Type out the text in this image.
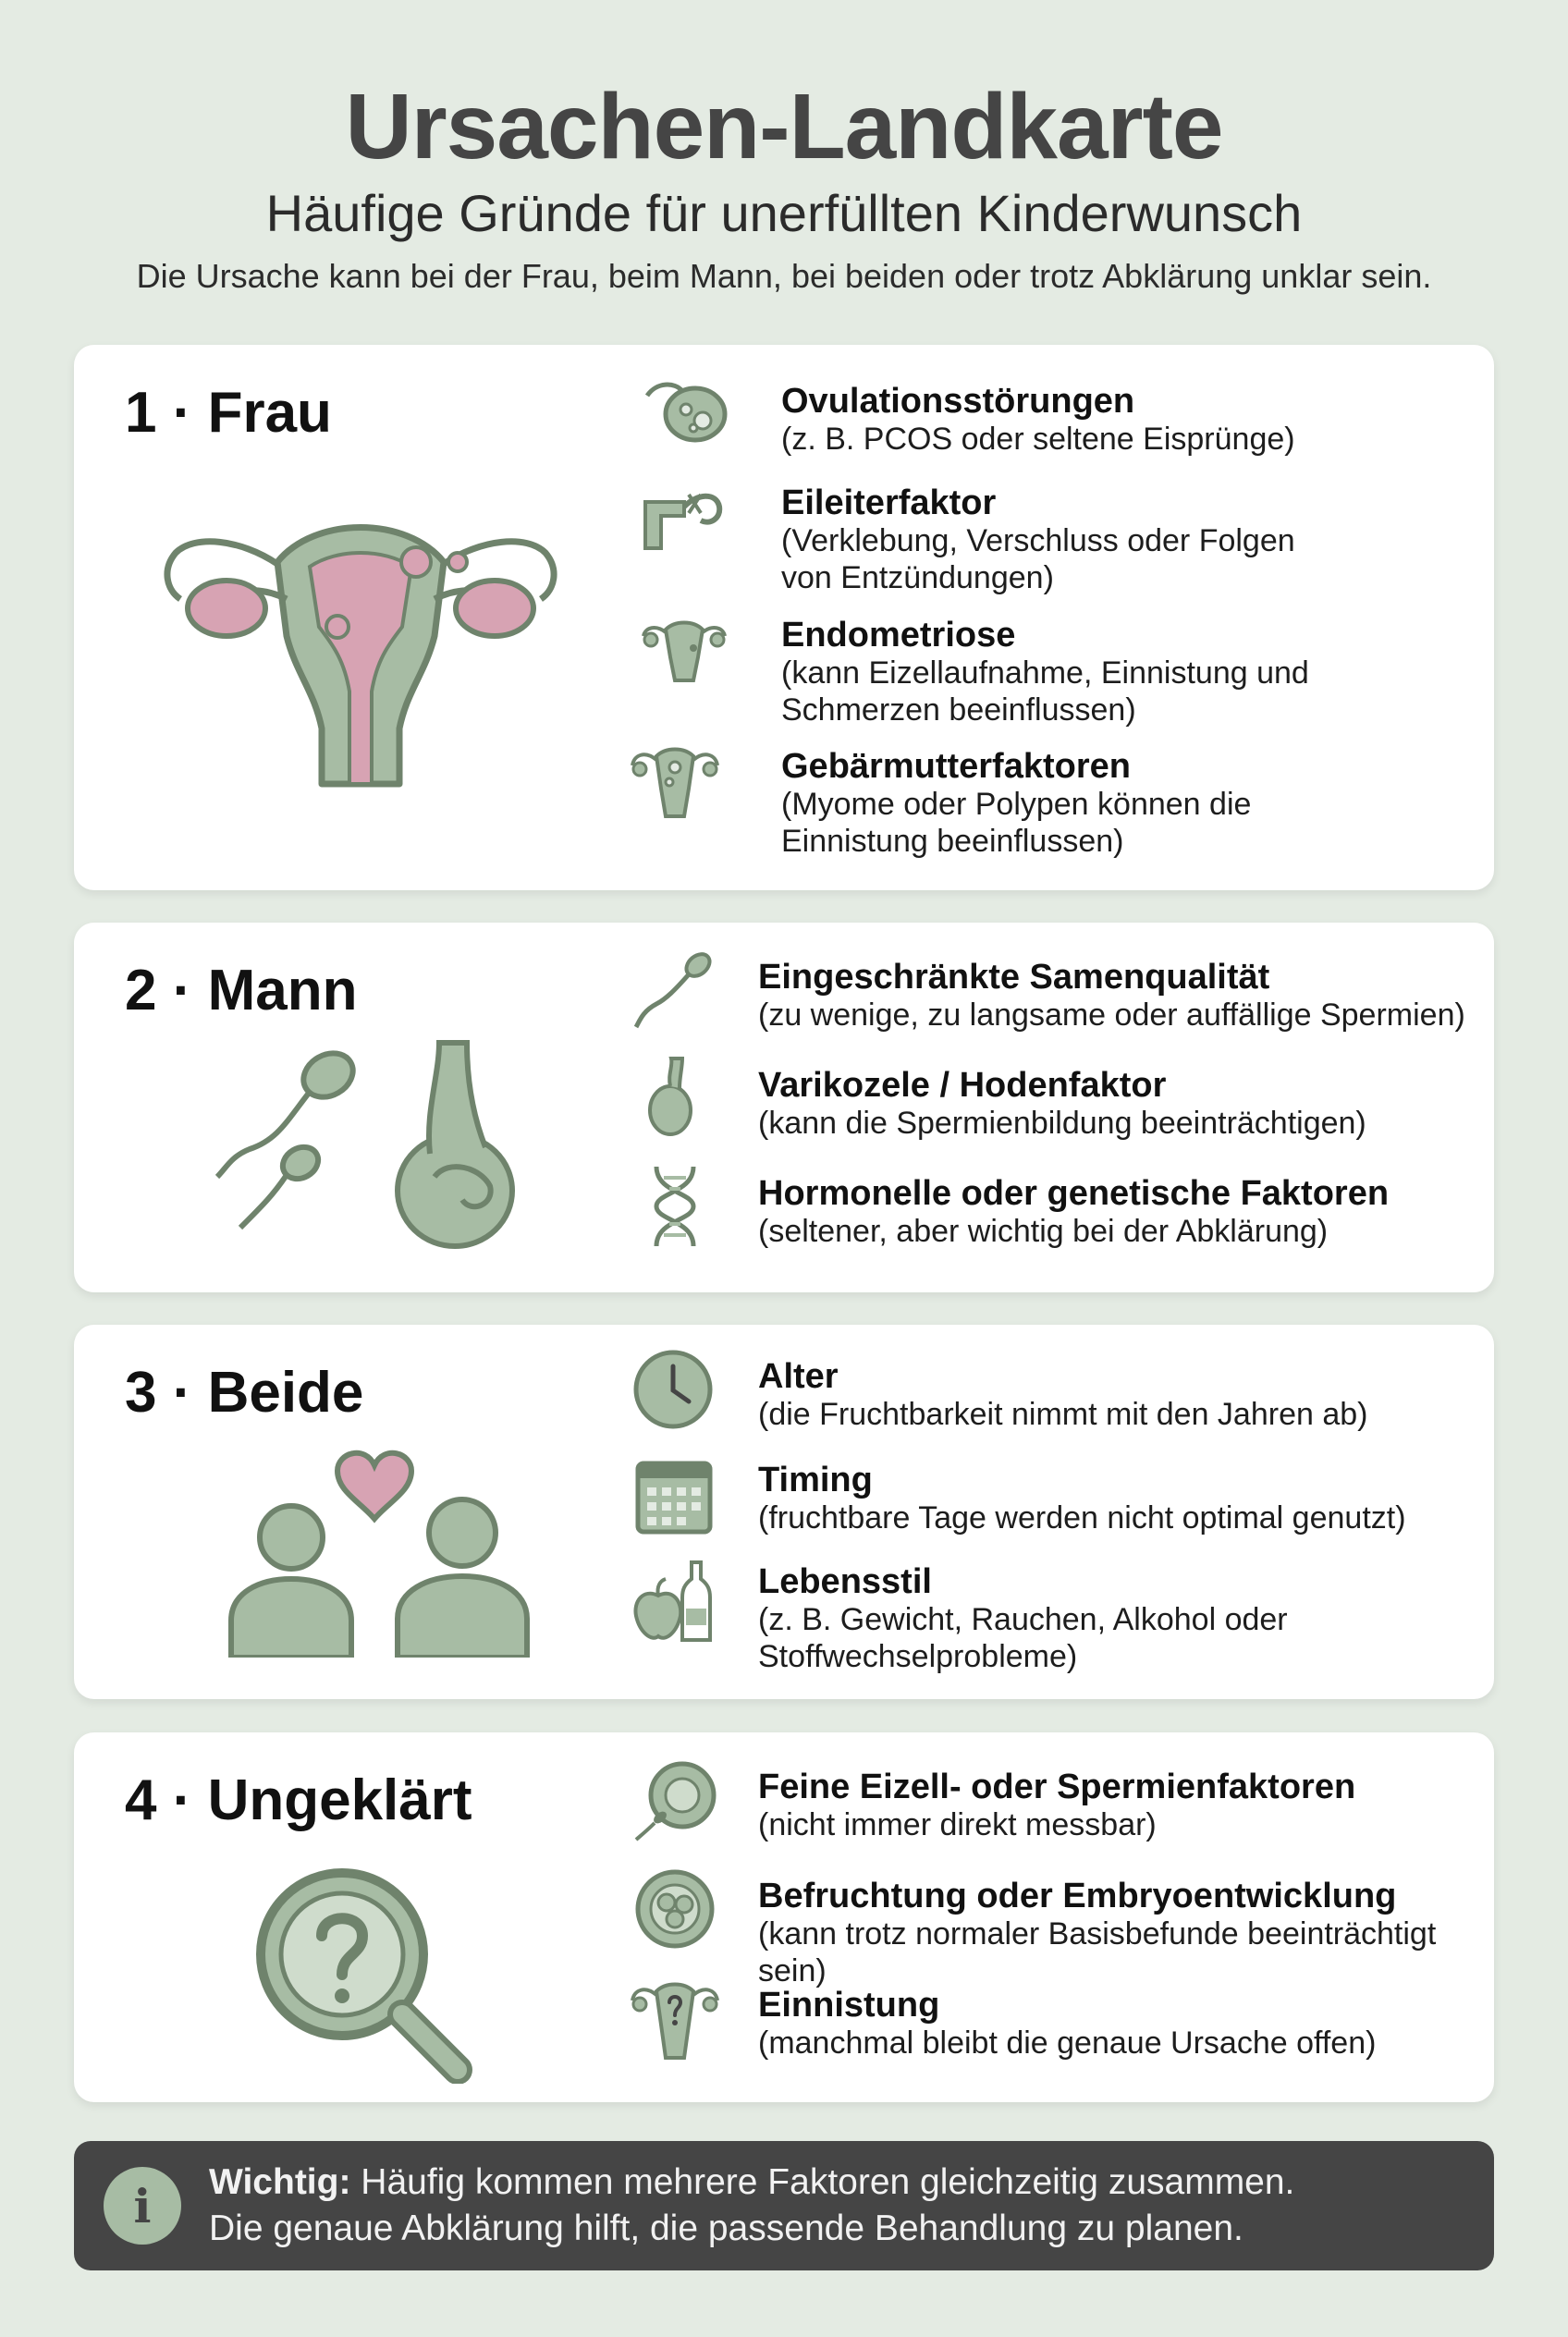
Ursachen-Landkarte
Häufige Gründe für unerfüllten Kinderwunsch
Die Ursache kann bei der Frau, beim Mann, bei beiden oder trotz Abklärung unklar sein.
1 · Frau	Ovulationsstörungen
(z. B. PCOS oder seltene Eisprünge)
Eileiterfaktor
(Verklebung, Verschluss oder Folgen
von Entzündungen)
Endometriose
(kann Eizellaufnahme, Einnistung und
Schmerzen beeinflussen)
Gebärmutterfaktoren
(Myome oder Polypen können die
Einnistung beeinflussen)
2 · Mann	Eingeschränkte Samenqualität
(zu wenige, zu langsame oder auffällige Spermien)
Varikozele / Hodenfaktor
(kann die Spermienbildung beeinträchtigen)
Hormonelle oder genetische Faktoren
(seltener, aber wichtig bei der Abklärung)
3 · Beide	Alter
(die Fruchtbarkeit nimmt mit den Jahren ab)
Timing
(fruchtbare Tage werden nicht optimal genutzt)
Lebensstil
(z. B. Gewicht, Rauchen, Alkohol oder
Stoffwechselprobleme)
4 · Ungeklärt	Feine Eizell- oder Spermienfaktoren
(nicht immer direkt messbar)
Befruchtung oder Embryoentwicklung
(kann trotz normaler Basisbefunde beeinträchtigt sein)
Einnistung
(manchmal bleibt die genaue Ursache offen)
i	Wichtig: Häufig kommen mehrere Faktoren gleichzeitig zusammen.
Die genaue Abklärung hilft, die passende Behandlung zu planen.
